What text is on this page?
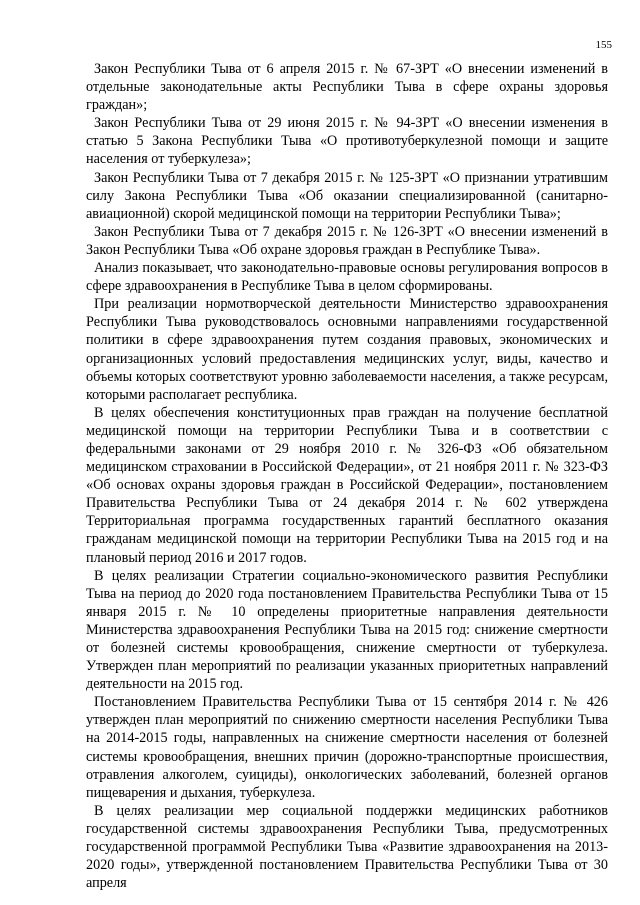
155

Закон Республики Тыва от 6 апреля 2015 г. № 67-ЗРТ «О внесении изменений в отдельные законодательные акты Республики Тыва в сфере охраны здоровья граждан»;

Закон Республики Тыва от 29 июня 2015 г. № 94-ЗРТ «О внесении изменения в статью 5 Закона Республики Тыва «О противотуберкулезной помощи и защите населения от туберкулеза»;

Закон Республики Тыва от 7 декабря 2015 г. № 125-ЗРТ «О признании утратившим силу Закона Республики Тыва «Об оказании специализированной (санитарно-авиационной) скорой медицинской помощи на территории Республики Тыва»;

Закон Республики Тыва от 7 декабря 2015 г. № 126-ЗРТ «О внесении изменений в Закон Республики Тыва «Об охране здоровья граждан в Республике Тыва».

Анализ показывает, что законодательно-правовые основы регулирования вопросов в сфере здравоохранения в Республике Тыва в целом сформированы.

При реализации нормотворческой деятельности Министерство здравоохранения Республики Тыва руководствовалось основными направлениями государственной политики в сфере здравоохранения путем создания правовых, экономических и организационных условий предоставления медицинских услуг, виды, качество и объемы которых соответствуют уровню заболеваемости населения, а также ресурсам, которыми располагает республика.

В целях обеспечения конституционных прав граждан на получение бесплатной медицинской помощи на территории Республики Тыва и в соответствии с федеральными законами от 29 ноября 2010 г. № 326-ФЗ «Об обязательном медицинском страховании в Российской Федерации», от 21 ноября 2011 г. № 323-ФЗ «Об основах охраны здоровья граждан в Российской Федерации», постановлением Правительства Республики Тыва от 24 декабря 2014 г. № 602 утверждена Территориальная программа государственных гарантий бесплатного оказания гражданам медицинской помощи на территории Республики Тыва на 2015 год и на плановый период 2016 и 2017 годов.

В целях реализации Стратегии социально-экономического развития Республики Тыва на период до 2020 года постановлением Правительства Республики Тыва от 15 января 2015 г. № 10 определены приоритетные направления деятельности Министерства здравоохранения Республики Тыва на 2015 год: снижение смертности от болезней системы кровообращения, снижение смертности от туберкулеза. Утвержден план мероприятий по реализации указанных приоритетных направлений деятельности на 2015 год.

Постановлением Правительства Республики Тыва от 15 сентября 2014 г. № 426 утвержден план мероприятий по снижению смертности населения Республики Тыва на 2014-2015 годы, направленных на снижение смертности населения от болезней системы кровообращения, внешних причин (дорожно-транспортные происшествия, отравления алкоголем, суициды), онкологических заболеваний, болезней органов пищеварения и дыхания, туберкулеза.

В целях реализации мер социальной поддержки медицинских работников государственной системы здравоохранения Республики Тыва, предусмотренных государственной программой Республики Тыва «Развитие здравоохранения на 2013-2020 годы», утвержденной постановлением Правительства Республики Тыва от 30 апреля
